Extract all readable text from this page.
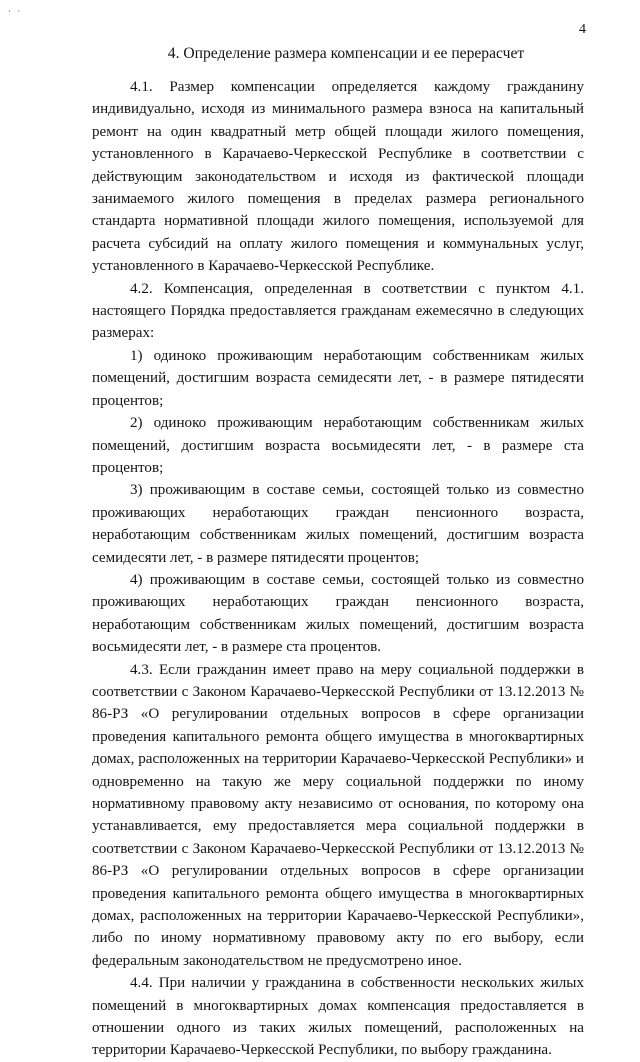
· ·
4
4. Определение размера компенсации и ее перерасчет

4.1. Размер компенсации определяется каждому гражданину индивидуально, исходя из минимального размера взноса на капитальный ремонт на один квадратный метр общей площади жилого помещения, установленного в Карачаево-Черкесской Республике в соответствии с действующим законодательством и исходя из фактической площади занимаемого жилого помещения в пределах размера регионального стандарта нормативной площади жилого помещения, используемой для расчета субсидий на оплату жилого помещения и коммунальных услуг, установленного в Карачаево-Черкесской Республике.

4.2. Компенсация, определенная в соответствии с пунктом 4.1. настоящего Порядка предоставляется гражданам ежемесячно в следующих размерах:

1) одиноко проживающим неработающим собственникам жилых помещений, достигшим возраста семидесяти лет, - в размере пятидесяти процентов;

2) одиноко проживающим неработающим собственникам жилых помещений, достигшим возраста восьмидесяти лет, - в размере ста процентов;

3) проживающим в составе семьи, состоящей только из совместно проживающих неработающих граждан пенсионного возраста, неработающим собственникам жилых помещений, достигшим возраста семидесяти лет, - в размере пятидесяти процентов;

4) проживающим в составе семьи, состоящей только из совместно проживающих неработающих граждан пенсионного возраста, неработающим собственникам жилых помещений, достигшим возраста восьмидесяти лет, - в размере ста процентов.

4.3. Если гражданин имеет право на меру социальной поддержки в соответствии с Законом Карачаево-Черкесской Республики от 13.12.2013 № 86-РЗ «О регулировании отдельных вопросов в сфере организации проведения капитального ремонта общего имущества в многоквартирных домах, расположенных на территории Карачаево-Черкесской Республики» и одновременно на такую же меру социальной поддержки по иному нормативному правовому акту независимо от основания, по которому она устанавливается, ему предоставляется мера социальной поддержки в соответствии с Законом Карачаево-Черкесской Республики от 13.12.2013 № 86-РЗ «О регулировании отдельных вопросов в сфере организации проведения капитального ремонта общего имущества в многоквартирных домах, расположенных на территории Карачаево-Черкесской Республики», либо по иному нормативному правовому акту по его выбору, если федеральным законодательством не предусмотрено иное.

4.4. При наличии у гражданина в собственности нескольких жилых помещений в многоквартирных домах компенсация предоставляется в отношении одного из таких жилых помещений, расположенных на территории Карачаево-Черкесской Республики, по выбору гражданина.
